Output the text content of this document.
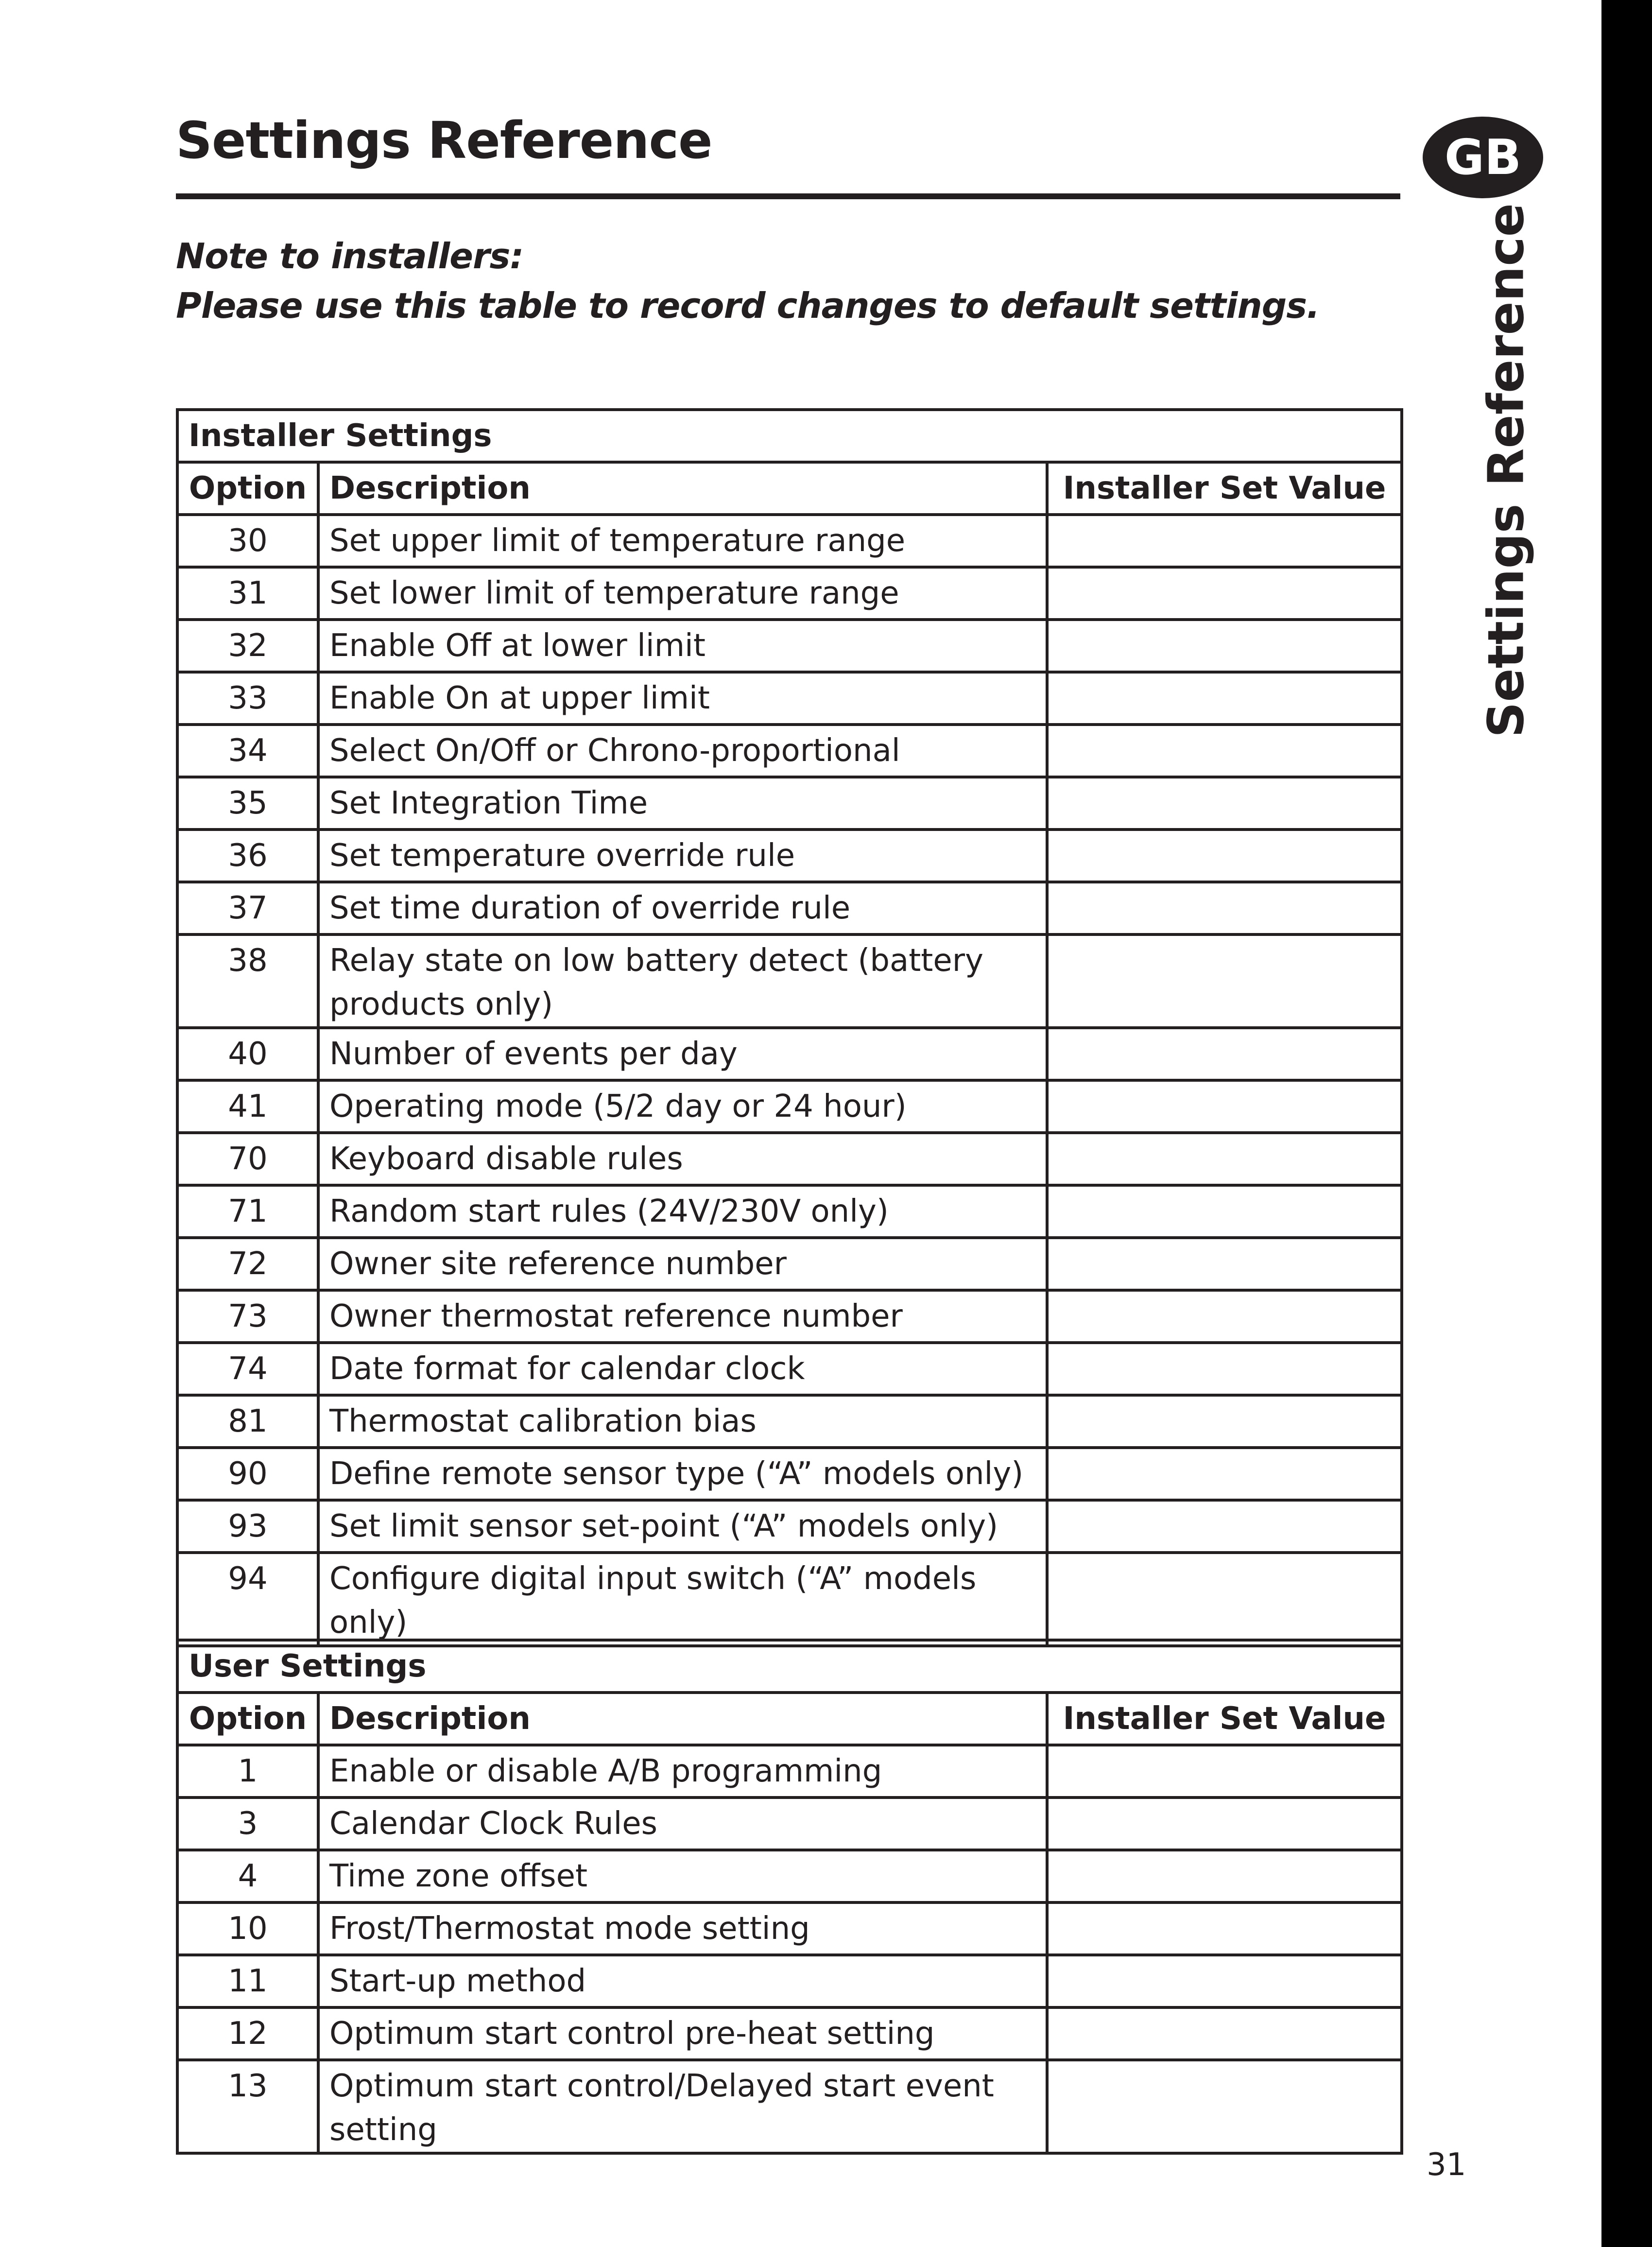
Settings Reference	GB
Settings Reference
Note to installers:
Please use this table to record changes to default settings.
Installer Settings		
Option	Description	Installer Set Value
30	Set upper limit of temperature range	
31	Set lower limit of temperature range	
32	Enable Off at lower limit	
33	Enable On at upper limit	
34	Select On/Off or Chrono-proportional	
35	Set Integration Time	
36	Set temperature override rule	
37	Set time duration of override rule	
38	Relay state on low battery detect (battery products only)	
40	Number of events per day	
41	Operating mode (5/2 day or 24 hour)	
70	Keyboard disable rules	
71	Random start rules (24V/230V only)	
72	Owner site reference number	
73	Owner thermostat reference number	
74	Date format for calendar clock	
81	Thermostat calibration bias	
90	Define remote sensor type (“A” models only)	
93	Set limit sensor set-point (“A” models only)	
94	Configure digital input switch (“A” models only)	
User Settings		
Option	Description	Installer Set Value
1	Enable or disable A/B programming	
3	Calendar Clock Rules	
4	Time zone offset	
10	Frost/Thermostat mode setting	
11	Start-up method	
12	Optimum start control pre-heat setting	
13	Optimum start control/Delayed start event setting	
31
